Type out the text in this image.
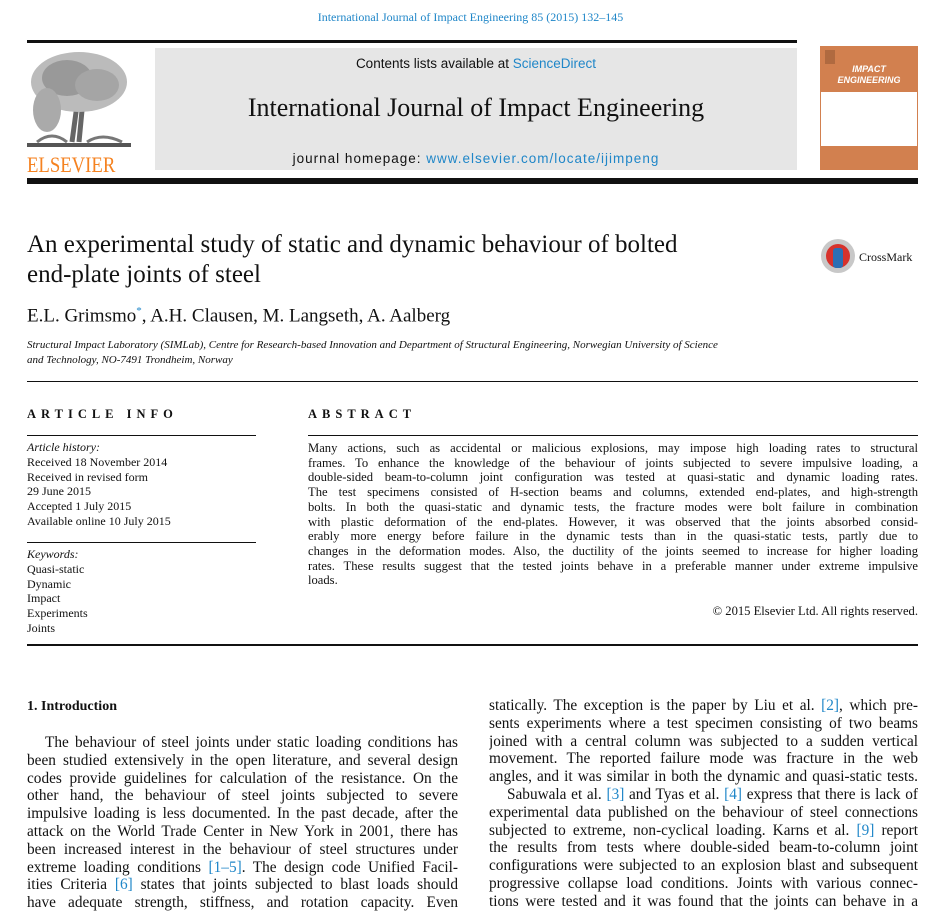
International Journal of Impact Engineering 85 (2015) 132–145
ELSEVIER
Contents lists available at ScienceDirect
International Journal of Impact Engineering
journal homepage: www.elsevier.com/locate/ijimpeng
IMPACT
ENGINEERING
An experimental study of static and dynamic behaviour of bolted
end-plate joints of steel
CrossMark
E.L. Grimsmo*, A.H. Clausen, M. Langseth, A. Aalberg
Structural Impact Laboratory (SIMLab), Centre for Research-based Innovation and Department of Structural Engineering, Norwegian University of Science
and Technology, NO-7491 Trondheim, Norway
ARTICLE INFO
Article history:
Received 18 November 2014
Received in revised form
29 June 2015
Accepted 1 July 2015
Available online 10 July 2015
Keywords:
Quasi-static
Dynamic
Impact
Experiments
Joints
ABSTRACT
Many actions, such as accidental or malicious explosions, may impose high loading rates to structural
frames. To enhance the knowledge of the behaviour of joints subjected to severe impulsive loading, a
double-sided beam-to-column joint configuration was tested at quasi-static and dynamic loading rates.
The test specimens consisted of H-section beams and columns, extended end-plates, and high-strength
bolts. In both the quasi-static and dynamic tests, the fracture modes were bolt failure in combination
with plastic deformation of the end-plates. However, it was observed that the joints absorbed consid-
erably more energy before failure in the dynamic tests than in the quasi-static tests, partly due to
changes in the deformation modes. Also, the ductility of the joints seemed to increase for higher loading
rates. These results suggest that the tested joints behave in a preferable manner under extreme impulsive
loads.
© 2015 Elsevier Ltd. All rights reserved.
1. Introduction
The behaviour of steel joints under static loading conditions has
been studied extensively in the open literature, and several design
codes provide guidelines for calculation of the resistance. On the
other hand, the behaviour of steel joints subjected to severe
impulsive loading is less documented. In the past decade, after the
attack on the World Trade Center in New York in 2001, there has
been increased interest in the behaviour of steel structures under
extreme loading conditions [1–5]. The design code Unified Facil-
ities Criteria [6] states that joints subjected to blast loads should
have adequate strength, stiffness, and rotation capacity. Even
statically. The exception is the paper by Liu et al. [2], which pre-
sents experiments where a test specimen consisting of two beams
joined with a central column was subjected to a sudden vertical
movement. The reported failure mode was fracture in the web
angles, and it was similar in both the dynamic and quasi-static tests.
Sabuwala et al. [3] and Tyas et al. [4] express that there is lack of
experimental data published on the behaviour of steel connections
subjected to extreme, non-cyclical loading. Karns et al. [9] report
the results from tests where double-sided beam-to-column joint
configurations were subjected to an explosion blast and subsequent
progressive collapse load conditions. Joints with various connec-
tions were tested and it was found that the joints can behave in a
